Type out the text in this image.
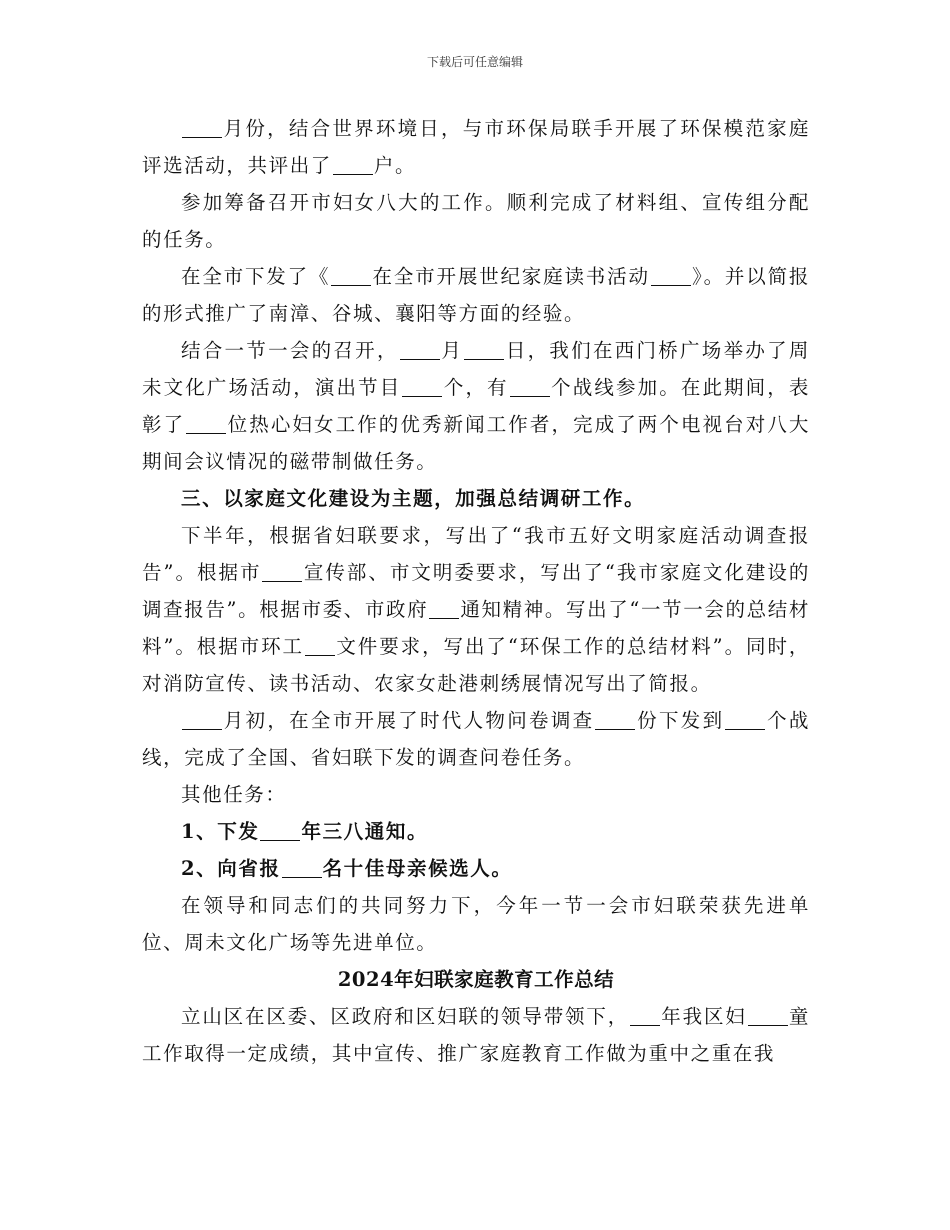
下载后可任意编辑

月份，结合世界环境日，与市环保局联手开展了环保模范家庭评选活动，共评出了 户。

参加筹备召开市妇女八大的工作。顺利完成了材料组、宣传组分配的任务。

在全市下发了《 在全市开展世纪家庭读书活动 》。并以简报的形式推广了南漳、谷城、襄阳等方面的经验。

结合一节一会的召开， 月 日，我们在西门桥广场举办了周未文化广场活动，演出节目 个，有 个战线参加。在此期间，表彰了 位热心妇女工作的优秀新闻工作者，完成了两个电视台对八大期间会议情况的磁带制做任务。

三、以家庭文化建设为主题，加强总结调研工作。

下半年，根据省妇联要求，写出了“我市五好文明家庭活动调查报告”。根据市 宣传部、市文明委要求，写出了“我市家庭文化建设的调查报告”。根据市委、市政府 通知精神。写出了“一节一会的总结材料”。根据市环工 文件要求，写出了“环保工作的总结材料”。同时，对消防宣传、读书活动、农家女赴港刺绣展情况写出了简报。

月初，在全市开展了时代人物问卷调查 份下发到 个战线，完成了全国、省妇联下发的调查问卷任务。

其他任务：

1、下发 年三八通知。

2、向省报 名十佳母亲候选人。

在领导和同志们的共同努力下，今年一节一会市妇联荣获先进单位、周未文化广场等先进单位。

2024年妇联家庭教育工作总结

立山区在区委、区政府和区妇联的领导带领下， 年我区妇 童工作取得一定成绩，其中宣传、推广家庭教育工作做为重中之重在我
